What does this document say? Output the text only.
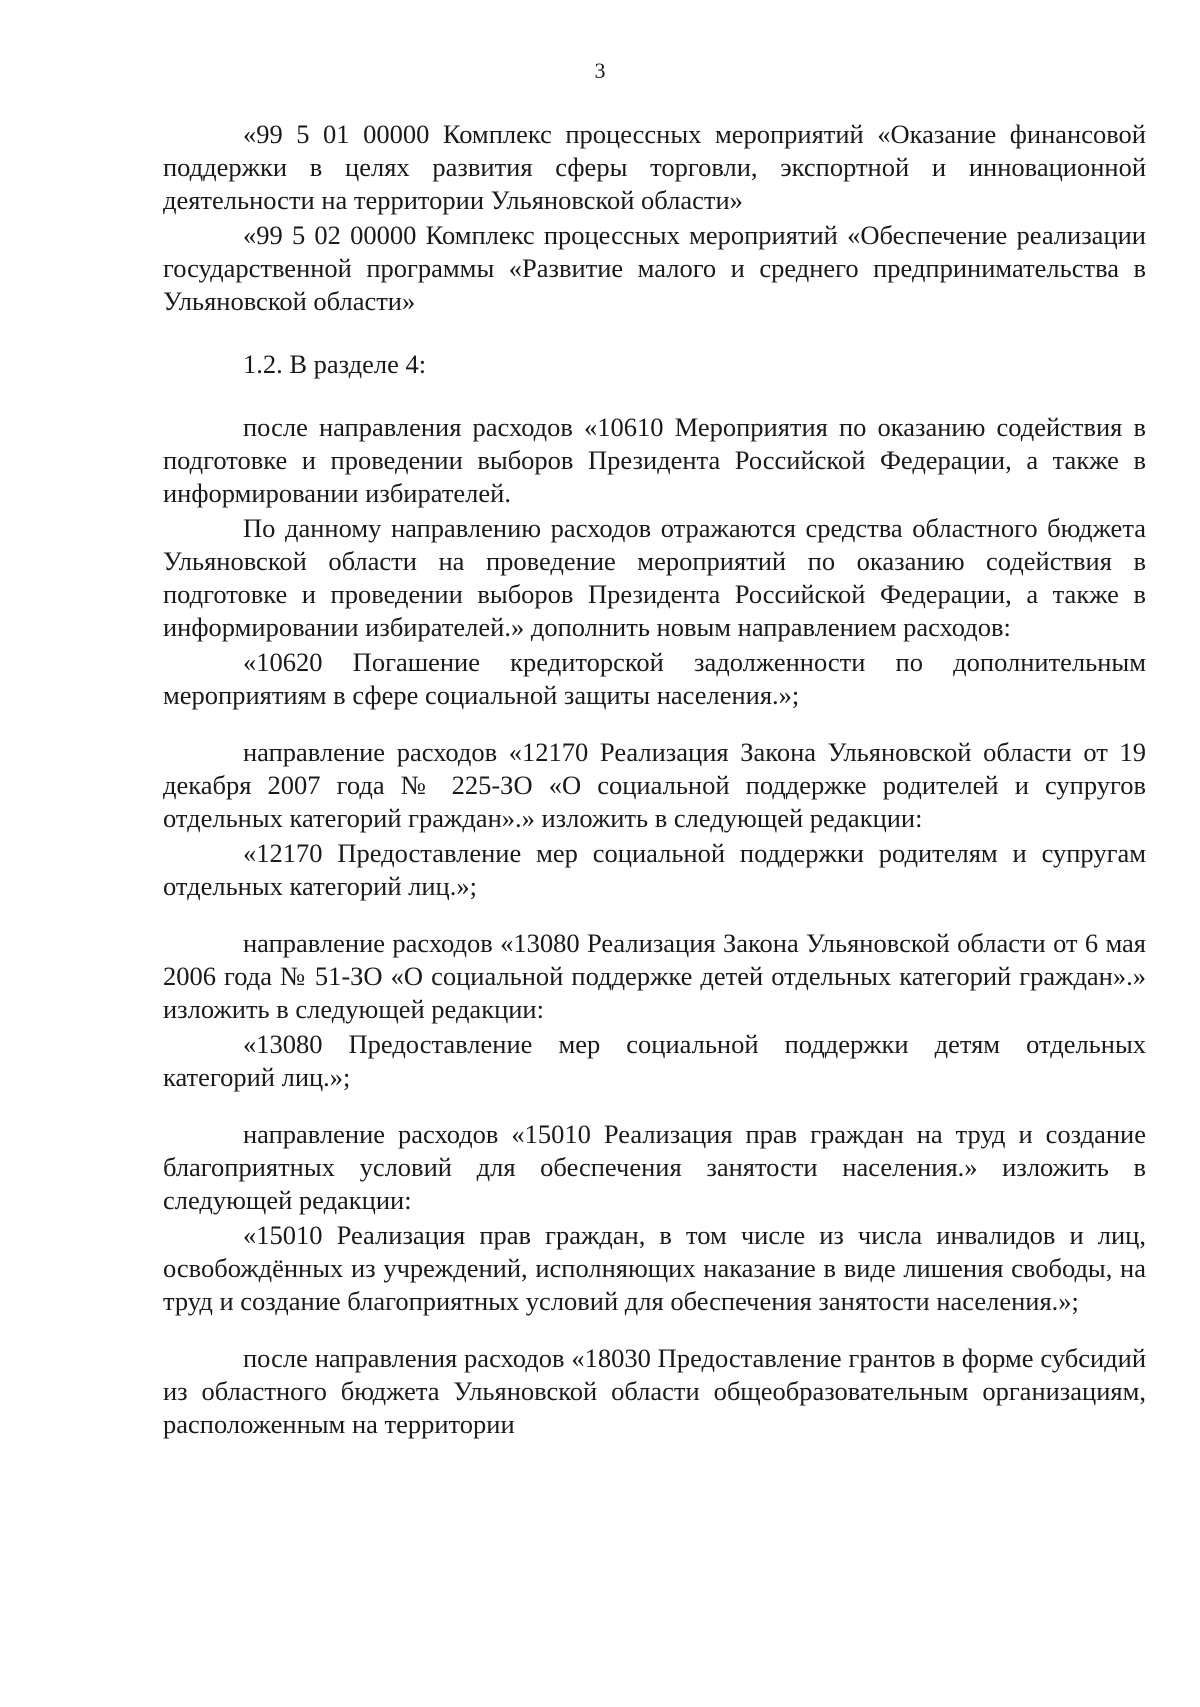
3

«99 5 01 00000 Комплекс процессных мероприятий «Оказание финансовой поддержки в целях развития сферы торговли, экспортной и инновационной деятельности на территории Ульяновской области»

«99 5 02 00000 Комплекс процессных мероприятий «Обеспечение реализации государственной программы «Развитие малого и среднего предпринимательства в Ульяновской области»

1.2. В разделе 4:

после направления расходов «10610 Мероприятия по оказанию содействия в подготовке и проведении выборов Президента Российской Федерации, а также в информировании избирателей.

По данному направлению расходов отражаются средства областного бюджета Ульяновской области на проведение мероприятий по оказанию содействия в подготовке и проведении выборов Президента Российской Федерации, а также в информировании избирателей.» дополнить новым направлением расходов:

«10620 Погашение кредиторской задолженности по дополнительным мероприятиям в сфере социальной защиты населения.»;

направление расходов «12170 Реализация Закона Ульяновской области от 19 декабря 2007 года № 225-ЗО «О социальной поддержке родителей и супругов отдельных категорий граждан».» изложить в следующей редакции:

«12170 Предоставление мер социальной поддержки родителям и супругам отдельных категорий лиц.»;

направление расходов «13080 Реализация Закона Ульяновской области от 6 мая 2006 года № 51-ЗО «О социальной поддержке детей отдельных категорий граждан».» изложить в следующей редакции:

«13080 Предоставление мер социальной поддержки детям отдельных категорий лиц.»;

направление расходов «15010 Реализация прав граждан на труд и создание благоприятных условий для обеспечения занятости населения.» изложить в следующей редакции:

«15010 Реализация прав граждан, в том числе из числа инвалидов и лиц, освобождённых из учреждений, исполняющих наказание в виде лишения свободы, на труд и создание благоприятных условий для обеспечения занятости населения.»;

после направления расходов «18030 Предоставление грантов в форме субсидий из областного бюджета Ульяновской области общеобразовательным организациям, расположенным на территории
